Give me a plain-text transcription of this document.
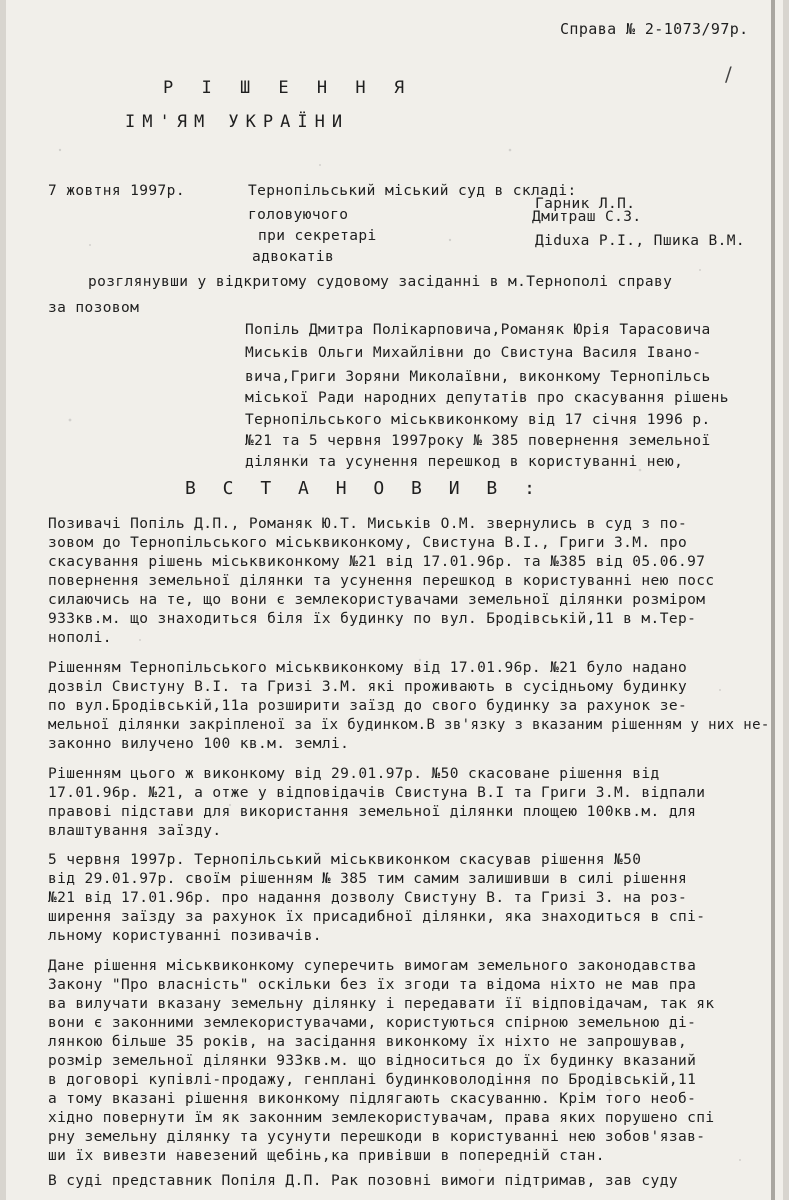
Справа № 2-1073/97р.
/
Р І Ш Е Н Н Я
ІМ'ЯМ УКРАЇНИ
7 жовтня 1997р.	Тернопільський міський суд в складі:
головуючого
Гарник Л.П.
при секретарі
Дмитраш С.З.
адвокатів
Діduха Р.І., Пшика В.М.
розглянувши у відкритому судовому засіданні в м.Тернополі справу
за позовом
Попіль Дмитра Полікарповича,Романяк Юрія Тарасовича
Миськів Ольги Михайлівни до Свистуна Василя Івано-
вича,Григи Зоряни Миколаївни, виконкому Тернопільсь
міської Ради народних депутатів про скасування рішень
Тернопільського міськвиконкому від 17 січня 1996 р.
№21 та 5 червня 1997року № 385 повернення земельної
ділянки та усунення перешкод в користуванні нею,
В С Т А Н О В И В :
Позивачі Попіль Д.П., Романяк Ю.Т. Миськів О.М. звернулись в суд з по-
зовом до Тернопільського міськвиконкому, Свистуна В.І., Григи З.М. про
скасування рішень міськвиконкому №21 від 17.01.96р. та №385 від 05.06.97
повернення земельної ділянки та усунення перешкод в користуванні нею посс
силаючись на те, що вони є землекористувачами земельної ділянки розміром
933кв.м. що знаходиться біля їх будинку по вул. Бродівській,11 в м.Тер-
нополі.
Рішенням Тернопільського міськвиконкому від 17.01.96р. №21 було надано
дозвіл Свистуну В.І. та Гризі З.М. які проживають в сусідньому будинку
по вул.Бродівській,11а розширити заїзд до свого будинку за рахунок зе-
мельної ділянки закріпленої за їх будинком.В зв'язку з вказаним рішенням у них не-
законно вилучено 100 кв.м. землі.
Рішенням цього ж виконкому від 29.01.97р. №50 скасоване рішення від
17.01.96р. №21, а отже у відповідачів Свистуна В.І та Григи З.М. відпали
правові підстави для використання земельної ділянки площею 100кв.м. для
влаштування заїзду.
5 червня 1997р. Тернопільський міськвиконком скасував рішення №50
від 29.01.97р. своїм рішенням № 385 тим самим залишивши в силі рішення
№21 від 17.01.96р. про надання дозволу Свистуну В. та Гризі З. на роз-
ширення заїзду за рахунок їх присадибної ділянки, яка знаходиться в спі-
льному користуванні позивачів.
Дане рішення міськвиконкому суперечить вимогам земельного законодавства
Закону "Про власність" оскільки без їх згоди та відома ніхто не мав пра
ва вилучати вказану земельну ділянку і передавати її відповідачам, так як
вони є законними землекористувачами, користуються спірною земельною ді-
лянкою більше 35 років, на засідання виконкому їх ніхто не запрошував,
розмір земельної ділянки 933кв.м. що відноситься до їх будинку вказаний
в договорі купівлі-продажу, генплані будинковолодіння по Бродівській,11
а тому вказані рішення виконкому підлягають скасуванню. Крім того необ-
хідно повернути їм як законним землекористувачам, права яких порушено спі
рну земельну ділянку та усунути перешкоди в користуванні нею зобов'язав-
ши їх вивезти навезений щебінь,ка привівши в попередній стан.
В суді представник Попіля Д.П. Рак позовні вимоги підтримав, зав суду
